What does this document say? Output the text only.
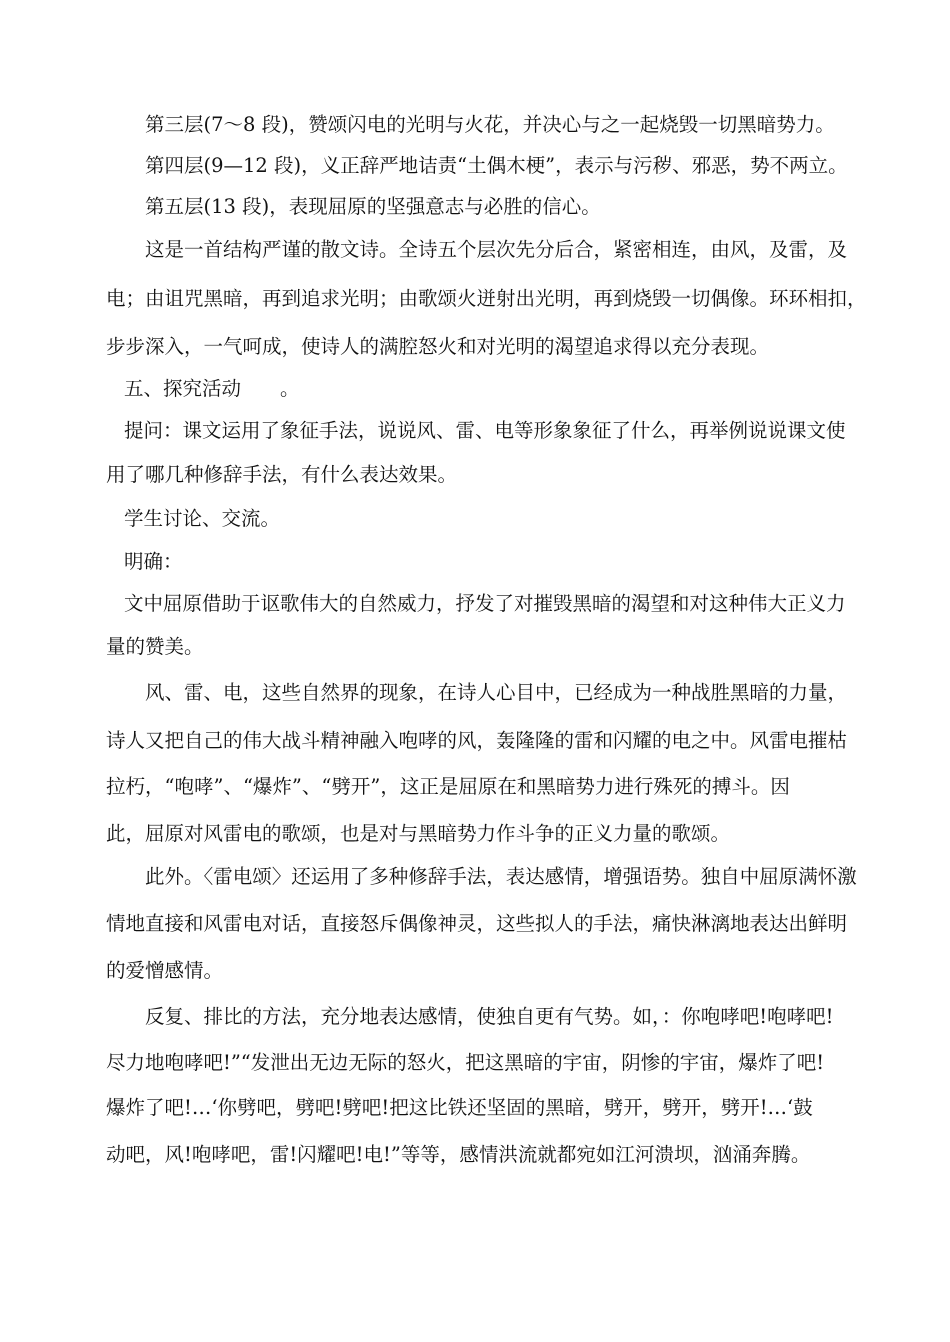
第三层(7～8 段)，赞颂闪电的光明与火花，并决心与之一起烧毁一切黑暗势力。
第四层(9—12 段)，义正辞严地诘责“土偶木梗”，表示与污秽、邪恶，势不两立。
第五层(13 段)，表现屈原的坚强意志与必胜的信心。
这是一首结构严谨的散文诗。全诗五个层次先分后合，紧密相连，由风，及雷，及
电；由诅咒黑暗，再到追求光明；由歌颂火迸射出光明，再到烧毁一切偶像。环环相扣，
步步深入，一气呵成，使诗人的满腔怒火和对光明的渴望追求得以充分表现。
五、探究活动　　。
提问：课文运用了象征手法，说说风、雷、电等形象象征了什么，再举例说说课文使
用了哪几种修辞手法，有什么表达效果。
学生讨论、交流。
明确：
文中屈原借助于讴歌伟大的自然威力，抒发了对摧毁黑暗的渴望和对这种伟大正义力
量的赞美。
风、雷、电，这些自然界的现象，在诗人心目中，已经成为一种战胜黑暗的力量，
诗人又把自己的伟大战斗精神融入咆哮的风，轰隆隆的雷和闪耀的电之中。风雷电摧枯
拉朽，“咆哮”、“爆炸”、“劈开”，这正是屈原在和黑暗势力进行殊死的搏斗。因
此，屈原对风雷电的歌颂，也是对与黑暗势力作斗争的正义力量的歌颂。
此外。〈雷电颂〉还运用了多种修辞手法，表达感情，增强语势。独自中屈原满怀激
情地直接和风雷电对话，直接怒斥偶像神灵，这些拟人的手法，痛快淋漓地表达出鲜明
的爱憎感情。
反复、排比的方法，充分地表达感情，使独自更有气势。如，：你咆哮吧!咆哮吧!
尽力地咆哮吧!”“发泄出无边无际的怒火，把这黑暗的宇宙，阴惨的宇宙，爆炸了吧!
爆炸了吧!…‘你劈吧，劈吧!劈吧!把这比铁还坚固的黑暗，劈开，劈开，劈开!…‘鼓
动吧，风!咆哮吧，雷!闪耀吧!电!”等等，感情洪流就都宛如江河溃坝，汹涌奔腾。
